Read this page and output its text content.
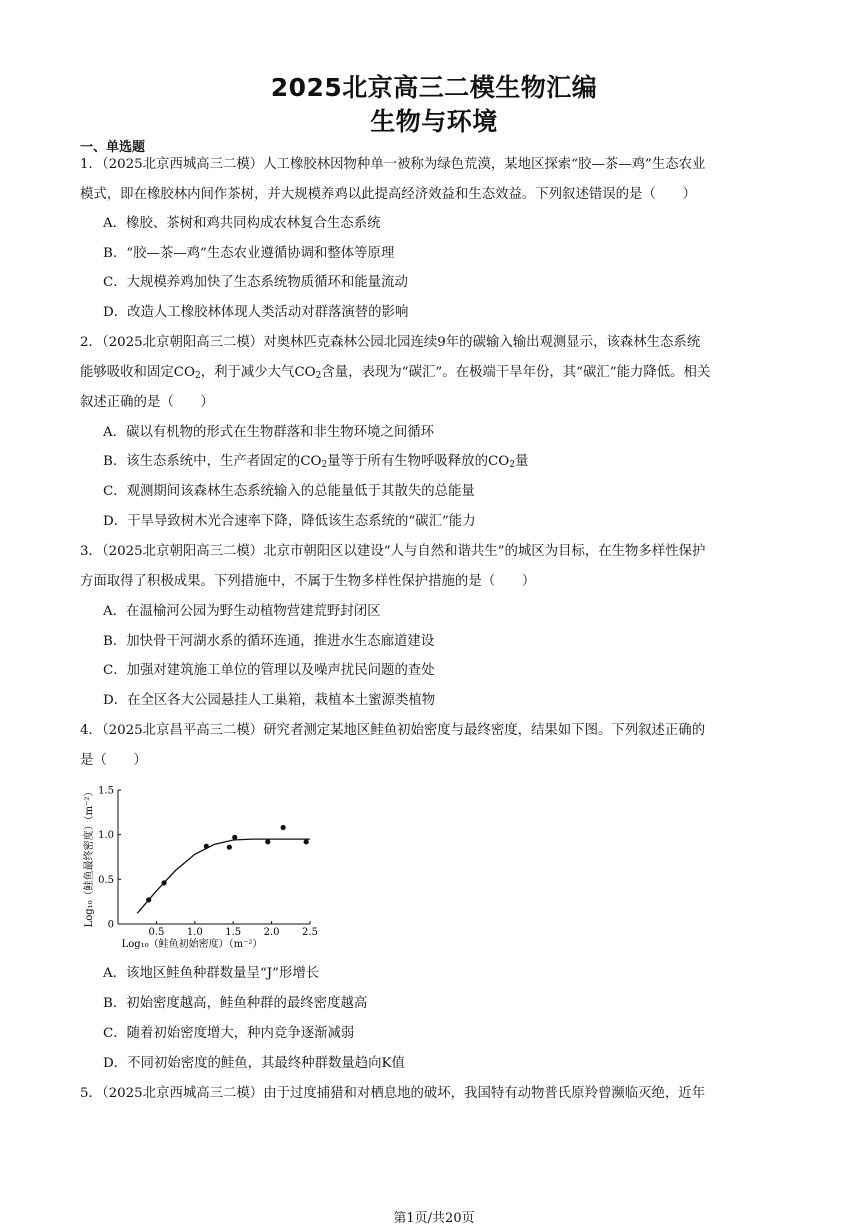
2025北京高三二模生物汇编
生物与环境
一、单选题
1．（2025北京西城高三二模）人工橡胶林因物种单一被称为绿色荒漠，某地区探索“胶—茶—鸡”生态农业
模式，即在橡胶林内间作茶树，并大规模养鸡以此提高经济效益和生态效益。下列叙述错误的是（　　）
A．橡胶、茶树和鸡共同构成农林复合生态系统
B．“胶—茶—鸡”生态农业遵循协调和整体等原理
C．大规模养鸡加快了生态系统物质循环和能量流动
D．改造人工橡胶林体现人类活动对群落演替的影响
2．（2025北京朝阳高三二模）对奥林匹克森林公园北园连续9年的碳输入输出观测显示，该森林生态系统
能够吸收和固定$CO_2$，利于减少大气$CO_2$含量，表现为“碳汇”。在极端干旱年份，其“碳汇”能力降低。相关
叙述正确的是（　　）
A．碳以有机物的形式在生物群落和非生物环境之间循环
B．该生态系统中，生产者固定的$CO_2$量等于所有生物呼吸释放的$CO_2$量
C．观测期间该森林生态系统输入的总能量低于其散失的总能量
D．干旱导致树木光合速率下降，降低该生态系统的“碳汇”能力
3．（2025北京朝阳高三二模）北京市朝阳区以建设“人与自然和谐共生”的城区为目标，在生物多样性保护
方面取得了积极成果。下列措施中，不属于生物多样性保护措施的是（　　）
A．在温榆河公园为野生动植物营建荒野封闭区
B．加快骨干河湖水系的循环连通，推进水生态廊道建设
C．加强对建筑施工单位的管理以及噪声扰民问题的查处
D．在全区各大公园悬挂人工巢箱，栽植本土蜜源类植物
4．（2025北京昌平高三二模）研究者测定某地区鲑鱼初始密度与最终密度，结果如下图。下列叙述正确的
是（　　）
0.5 1.0 1.5 2.0 2.5
0
0.5
1.0
1.5
Log₁₀（鲑鱼初始密度）（m⁻²）
Log₁₀（鲑鱼最终密度）（m⁻²）
A．该地区鲑鱼种群数量呈“J”形增长
B．初始密度越高，鲑鱼种群的最终密度越高
C．随着初始密度增大，种内竞争逐渐减弱
D．不同初始密度的鲑鱼，其最终种群数量趋向K值
5．（2025北京西城高三二模）由于过度捕猎和对栖息地的破坏，我国特有动物普氏原羚曾濒临灭绝，近年
第1页/共20页
